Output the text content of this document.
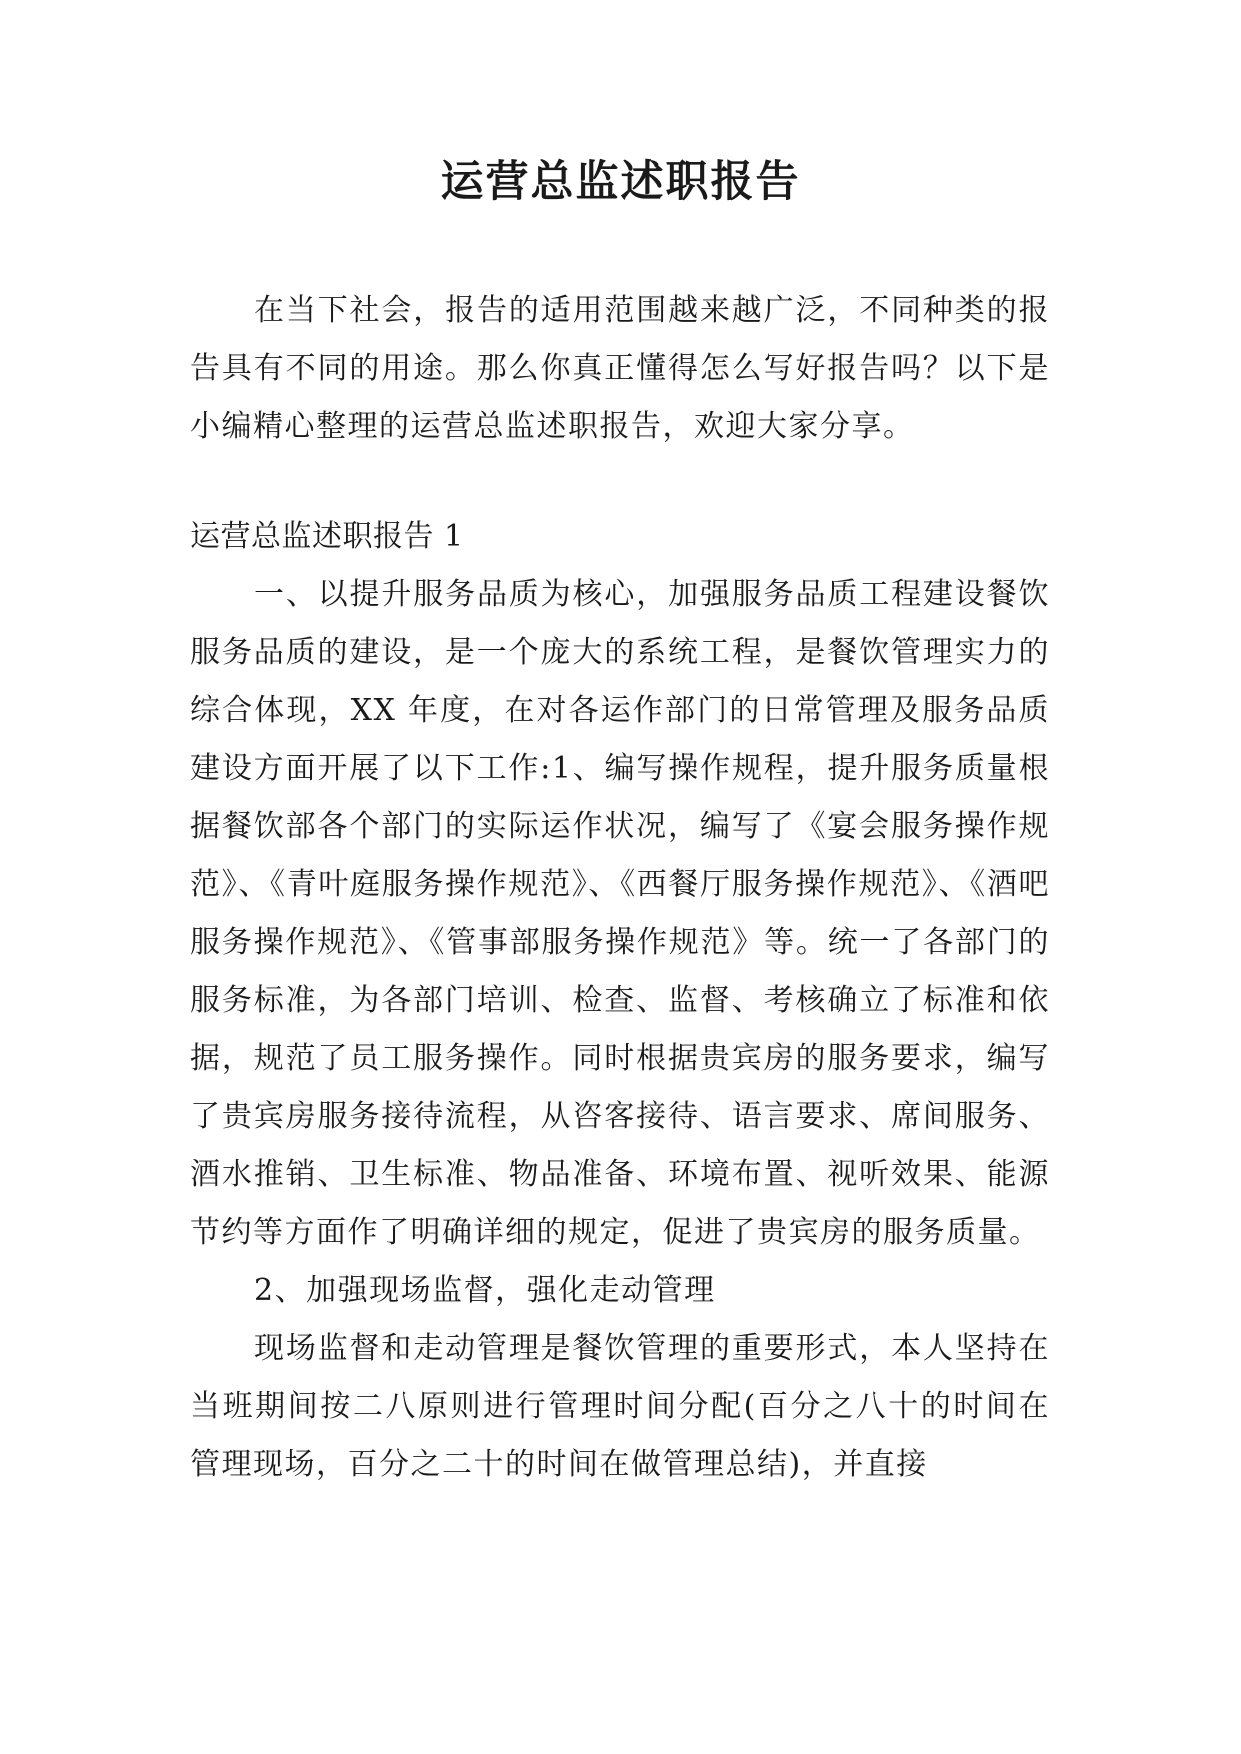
运营总监述职报告

在当下社会，报告的适用范围越来越广泛，不同种类的报告具有不同的用途。那么你真正懂得怎么写好报告吗？以下是小编精心整理的运营总监述职报告，欢迎大家分享。

运营总监述职报告 1

一、以提升服务品质为核心，加强服务品质工程建设餐饮服务品质的建设，是一个庞大的系统工程，是餐饮管理实力的综合体现，XX 年度，在对各运作部门的日常管理及服务品质建设方面开展了以下工作:1、编写操作规程，提升服务质量根据餐饮部各个部门的实际运作状况，编写了《宴会服务操作规范》、《青叶庭服务操作规范》、《西餐厅服务操作规范》、《酒吧服务操作规范》、《管事部服务操作规范》等。统一了各部门的服务标准，为各部门培训、检查、监督、考核确立了标准和依据，规范了员工服务操作。同时根据贵宾房的服务要求，编写了贵宾房服务接待流程，从咨客接待、语言要求、席间服务、酒水推销、卫生标准、物品准备、环境布置、视听效果、能源节约等方面作了明确详细的规定，促进了贵宾房的服务质量。

2、加强现场监督，强化走动管理

现场监督和走动管理是餐饮管理的重要形式，本人坚持在当班期间按二八原则进行管理时间分配(百分之八十的时间在管理现场，百分之二十的时间在做管理总结)，并直接
